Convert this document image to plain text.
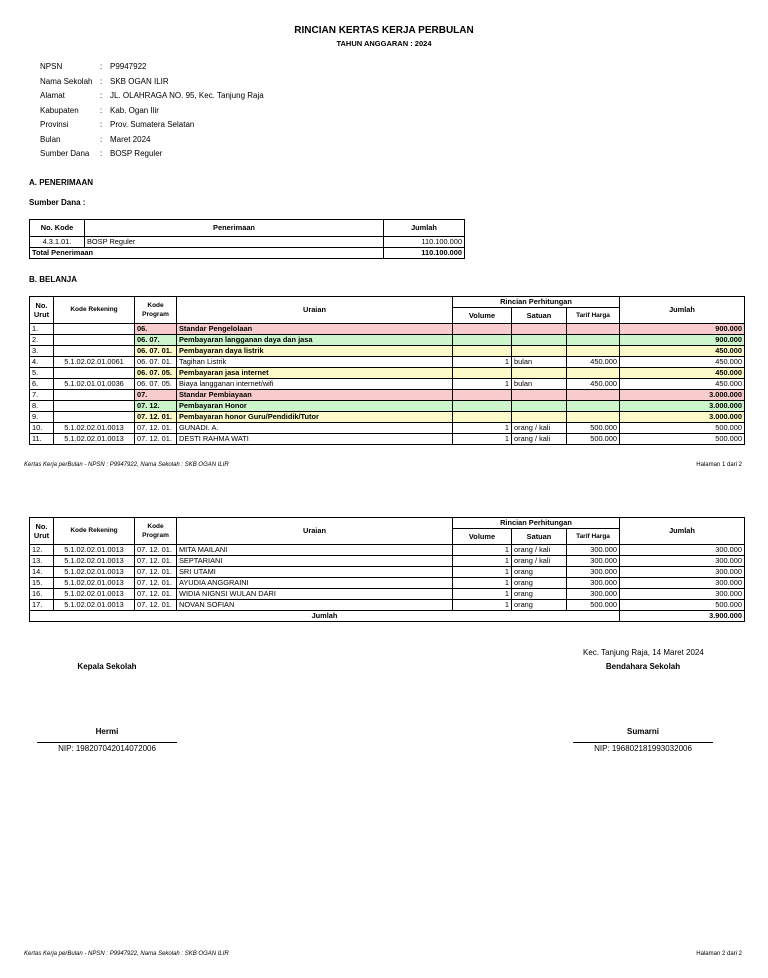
RINCIAN KERTAS KERJA PERBULAN
TAHUN ANGGARAN : 2024
NPSN	: P9947922
Nama Sekolah : SKB OGAN ILIR
Alamat	: JL. OLAHRAGA NO. 95, Kec. Tanjung Raja
Kabupaten	: Kab. Ogan Ilir
Provinsi	: Prov. Sumatera Selatan
Bulan	: Maret 2024
Sumber Dana	: BOSP Reguler
A. PENERIMAAN
Sumber Dana :
No. Kode	Penerimaan	Jumlah
4.3.1.01.	BOSP Reguler	110.100.000
Total Penerimaan		110.100.000
B. BELANJA
No. Urut	Kode Rekening	Kode Program	Uraian	Rincian Perhitungan			Jumlah
				Volume	Satuan	Tarif Harga	
1.		06.	Standar Pengelolaan				900.000
2.		06. 07.	Pembayaran langganan daya dan jasa				900.000
3.		06. 07. 01.	Pembayaran daya listrik				450.000
4.	5.1.02.02.01.0061	06. 07. 01.	Tagihan Listrik	1	bulan	450.000	450.000
5.		06. 07. 05.	Pembayaran jasa internet				450.000
6.	5.1.02.01.01.0036	06. 07. 05.	Biaya langganan internet/wifi	1	bulan	450.000	450.000
7.		07.	Standar Pembiayaan				3.000.000
8.		07. 12.	Pembayaran Honor				3.000.000
9.		07. 12. 01.	Pembayaran honor Guru/Pendidik/Tutor				3.000.000
10.	5.1.02.02.01.0013	07. 12. 01.	GUNADI. A.	1	orang / kali	500.000	500.000
11.	5.1.02.02.01.0013	07. 12. 01.	DESTI RAHMA WATI	1	orang / kali	500.000	500.000
Kertas Kerja perBulan - NPSN : P9947922, Nama Sekolah : SKB OGAN ILIR	Halaman 1 dari 2
No. Urut	Kode Rekening	Kode Program	Uraian	Rincian Perhitungan			Jumlah
				Volume	Satuan	Tarif Harga	
12.	5.1.02.02.01.0013	07. 12. 01.	MITA MAILANI	1	orang / kali	300.000	300.000
13.	5.1.02.02.01.0013	07. 12. 01.	SEPTARIANI	1	orang / kali	300.000	300.000
14.	5.1.02.02.01.0013	07. 12. 01.	SRI UTAMI	1	orang	300.000	300.000
15.	5.1.02.02.01.0013	07. 12. 01.	AYUDIA ANGGRAINI	1	orang	300.000	300.000
16.	5.1.02.02.01.0013	07. 12. 01.	WIDIA NIGNSI WULAN DARI	1	orang	300.000	300.000
17.	5.1.02.02.01.0013	07. 12. 01.	NOVAN SOFIAN	1	orang	500.000	500.000
Jumlah							3.900.000
Kec. Tanjung Raja, 14 Maret 2024
Kepala Sekolah	Bendahara Sekolah
Hermi	Sumarni
NIP: 198207042014072006	NIP: 196802181993032006
Kertas Kerja perBulan - NPSN : P9947922, Nama Sekolah : SKB OGAN ILIR	Halaman 2 dari 2
